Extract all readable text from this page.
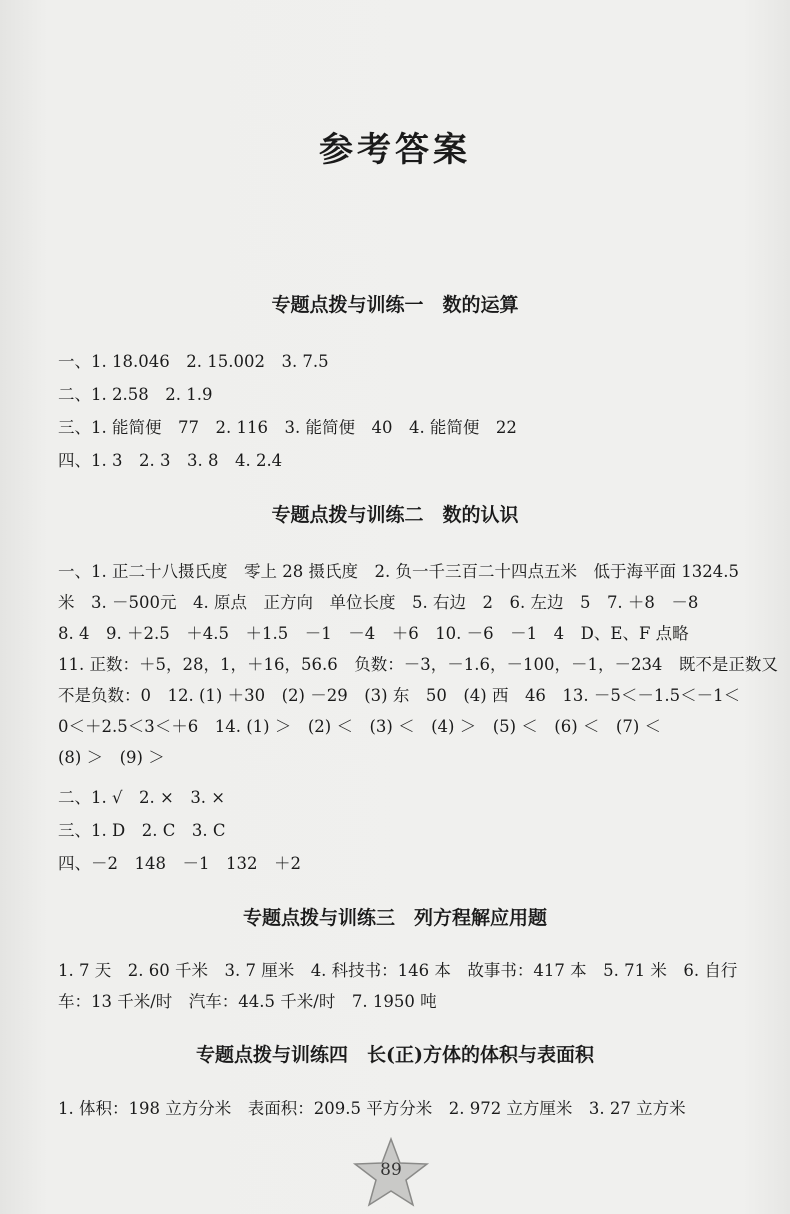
参考答案
专题点拨与训练一　数的运算
一、1. 18.046　2. 15.002　3. 7.5
二、1. 2.58　2. 1.9
三、1. 能简便　77　2. 116　3. 能简便　40　4. 能简便　22
四、1. 3　2. 3　3. 8　4. 2.4
专题点拨与训练二　数的认识
一、1. 正二十八摄氏度　零上 28 摄氏度　2. 负一千三百二十四点五米　低于海平面 1324.5
米　3. －500元　4. 原点　正方向　单位长度　5. 右边　2　6. 左边　5　7. ＋8　－8
8. 4　9. ＋2.5　＋4.5　＋1.5　－1　－4　＋6　10. －6　－1　4　D、E、F 点略
11. 正数：＋5，28，1，＋16，56.6　负数：－3，－1.6，－100，－1，－234　既不是正数又
不是负数：0　12. (1) ＋30　(2) －29　(3) 东　50　(4) 西　46　13. －5＜－1.5＜－1＜
0＜＋2.5＜3＜＋6　14. (1) ＞　(2) ＜　(3) ＜　(4) ＞　(5) ＜　(6) ＜　(7) ＜
(8) ＞　(9) ＞
二、1. √　2. ×　3. ×
三、1. D　2. C　3. C
四、－2　148　－1　132　＋2
专题点拨与训练三　列方程解应用题
1. 7 天　2. 60 千米　3. 7 厘米　4. 科技书：146 本　故事书：417 本　5. 71 米　6. 自行
车：13 千米/时　汽车：44.5 千米/时　7. 1950 吨
专题点拨与训练四　长(正)方体的体积与表面积
1. 体积：198 立方分米　表面积：209.5 平方分米　2. 972 立方厘米　3. 27 立方米
89
